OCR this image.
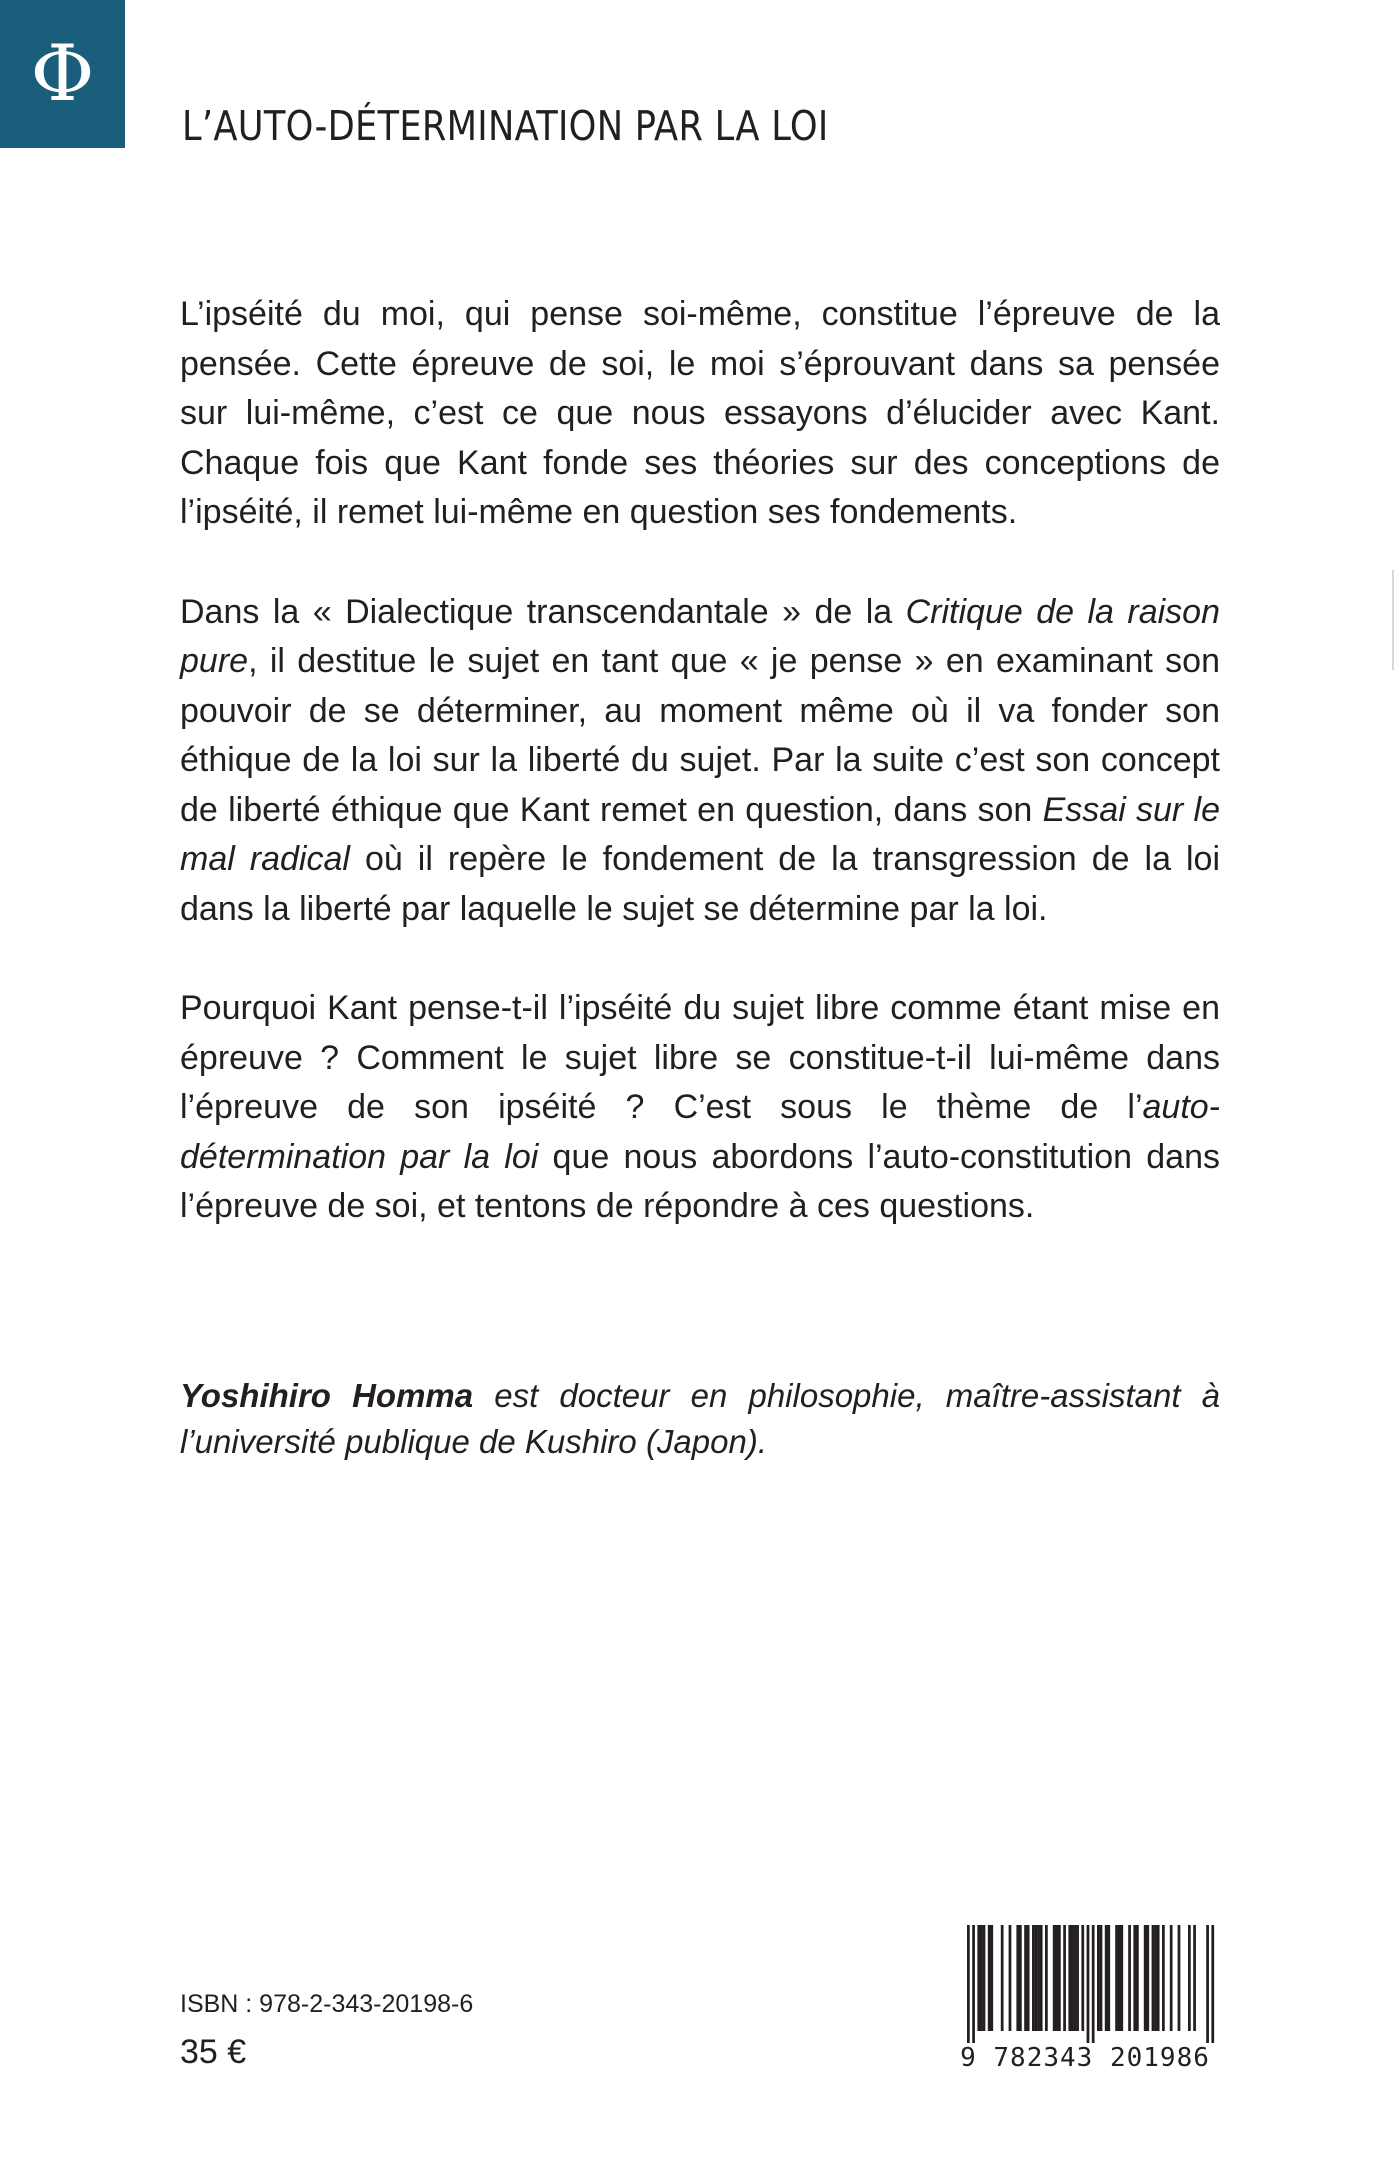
Φ
L’AUTO-DÉTERMINATION PAR LA LOI

L’ipséité du moi, qui pense soi-même, constitue l’épreuve de la pensée. Cette épreuve de soi, le moi s’éprouvant dans sa pensée sur lui-même, c’est ce que nous essayons d’élucider avec Kant. Chaque fois que Kant fonde ses théories sur des conceptions de l’ipséité, il remet lui-même en question ses fondements.

Dans la « Dialectique transcendantale » de la Critique de la raison pure, il destitue le sujet en tant que « je pense » en examinant son pouvoir de se déterminer, au moment même où il va fonder son éthique de la loi sur la liberté du sujet. Par la suite c’est son concept de liberté éthique que Kant remet en question, dans son Essai sur le mal radical où il repère le fondement de la transgression de la loi dans la liberté par laquelle le sujet se détermine par la loi.

Pourquoi Kant pense-t-il l’ipséité du sujet libre comme étant mise en épreuve ? Comment le sujet libre se constitue-t-il lui-même dans l’épreuve de son ipséité ? C’est sous le thème de l’auto-détermination par la loi que nous abordons l’auto-constitution dans l’épreuve de soi, et tentons de répondre à ces questions.

Yoshihiro Homma est docteur en philosophie, maître-assistant à l’université publique de Kushiro (Japon).
ISBN : 978-2-343-20198-6
35 €	9 782343 201986
